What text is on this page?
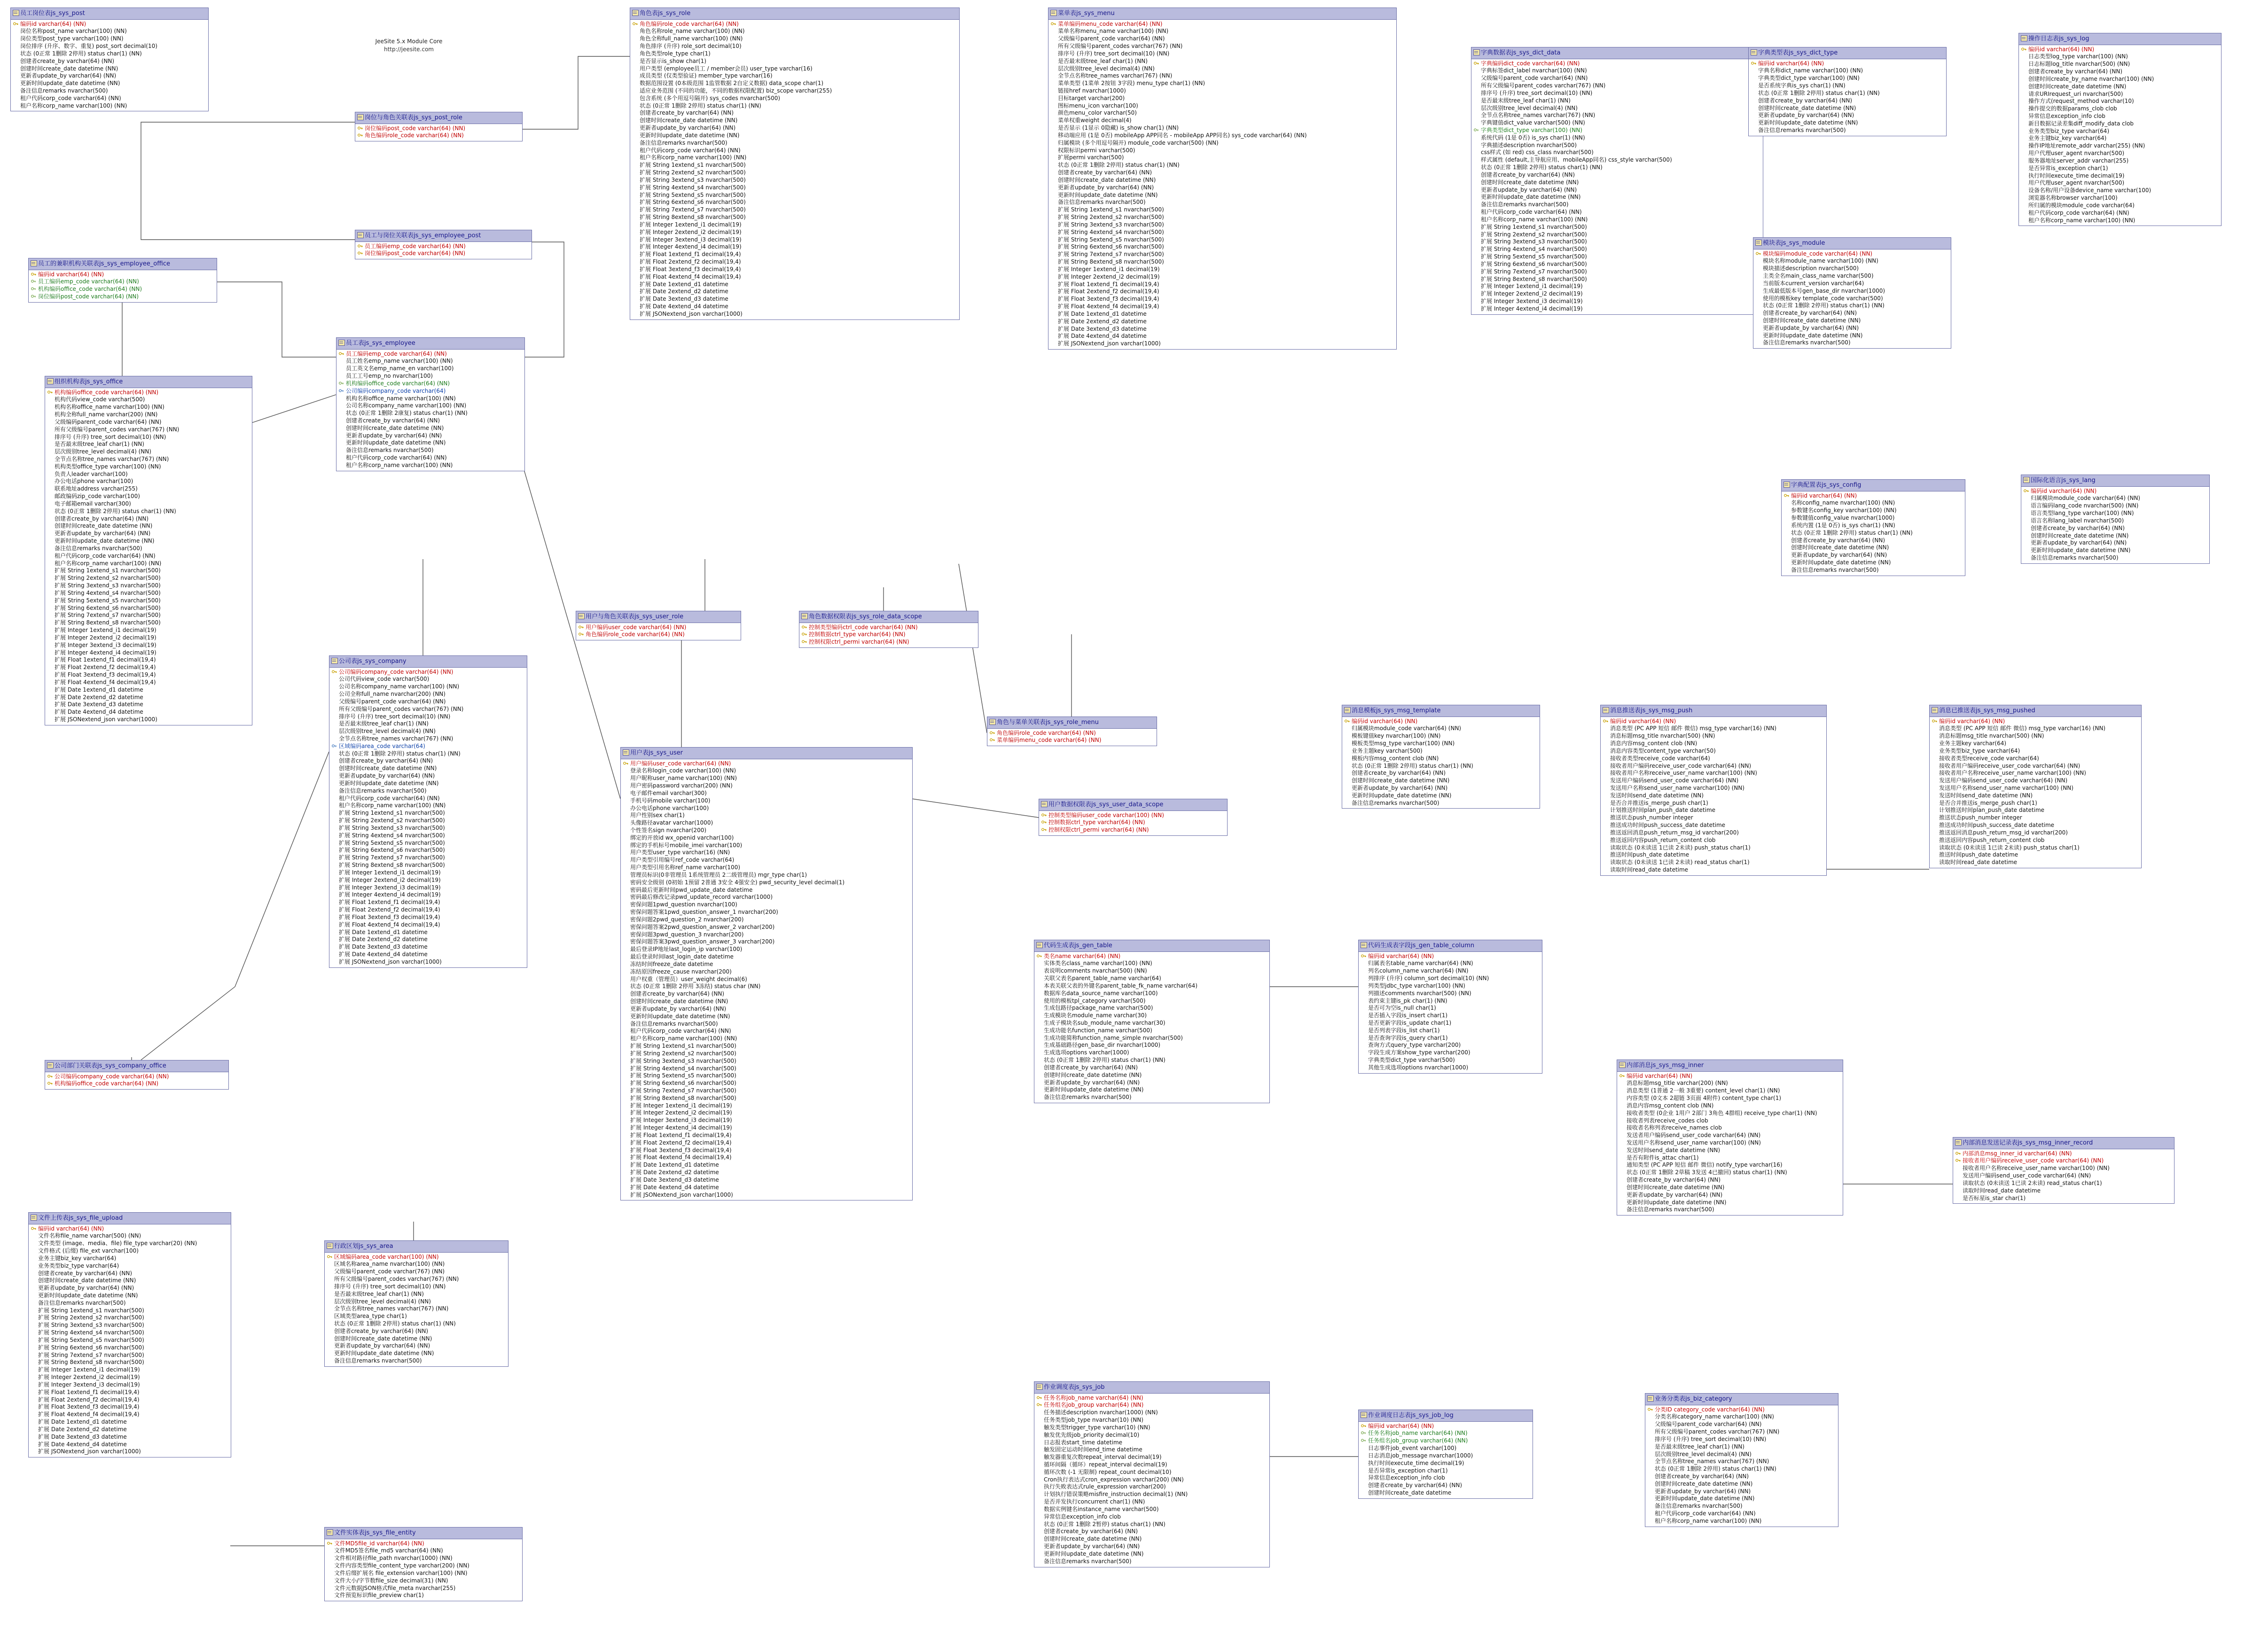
JeeSite 5.x Module Core
http://jeesite.com
员工岗位表js_sys_post
编码id varchar(64) (NN)
岗位名称post_name varchar(100) (NN)
岗位类型post_type varchar(100) (NN)
岗位排序 (升序、数字、重复) post_sort decimal(10)
状态 (0正常 1删除 2停用) status char(1) (NN)
创建者create_by varchar(64) (NN)
创建时间create_date datetime (NN)
更新者update_by varchar(64) (NN)
更新时间update_date datetime (NN)
备注信息remarks nvarchar(500)
租户代码corp_code varchar(64) (NN)
租户名称corp_name varchar(100) (NN)
岗位与角色关联表js_sys_post_role
岗位编码post_code varchar(64) (NN)
角色编码role_code varchar(64) (NN)
员工与岗位关联表js_sys_employee_post
员工编码emp_code varchar(64) (NN)
岗位编码post_code varchar(64) (NN)
员工的兼职机构关联表js_sys_employee_office
编码id varchar(64) (NN)
员工编码emp_code varchar(64) (NN)
机构编码office_code varchar(64) (NN)
岗位编码post_code varchar(64) (NN)
员工表js_sys_employee
员工编码emp_code varchar(64) (NN)
员工姓名emp_name varchar(100) (NN)
员工英文名emp_name_en varchar(100)
员工工号emp_no nvarchar(100)
机构编码office_code varchar(64) (NN)
公司编码company_code varchar(64)
机构名称office_name varchar(100) (NN)
公司名称company_name varchar(100) (NN)
状态 (0正常 1删除 2康复) status char(1) (NN)
创建者create_by varchar(64) (NN)
创建时间create_date datetime (NN)
更新者update_by varchar(64) (NN)
更新时间update_date datetime (NN)
备注信息remarks nvarchar(500)
租户代码corp_code varchar(64) (NN)
租户名称corp_name varchar(100) (NN)
组织机构表js_sys_office
机构编码office_code varchar(64) (NN)
机构代码view_code varchar(500)
机构名称office_name varchar(100) (NN)
机构全称full_name varchar(200) (NN)
父级编码parent_code varchar(64) (NN)
所有父级编号parent_codes varchar(767) (NN)
排序号 (升序) tree_sort decimal(10) (NN)
是否最末级tree_leaf char(1) (NN)
层次级别tree_level decimal(4) (NN)
全节点名称tree_names varchar(767) (NN)
机构类型office_type varchar(100) (NN)
负责人leader varchar(100)
办公电话phone varchar(100)
联系地址address varchar(255)
邮政编码zip_code varchar(100)
电子邮箱email varchar(300)
状态 (0正常 1删除 2停用) status char(1) (NN)
创建者create_by varchar(64) (NN)
创建时间create_date datetime (NN)
更新者update_by varchar(64) (NN)
更新时间update_date datetime (NN)
备注信息remarks nvarchar(500)
租户代码corp_code varchar(64) (NN)
租户名称corp_name varchar(100) (NN)
扩展 String 1extend_s1 nvarchar(500)
扩展 String 2extend_s2 nvarchar(500)
扩展 String 3extend_s3 nvarchar(500)
扩展 String 4extend_s4 nvarchar(500)
扩展 String 5extend_s5 nvarchar(500)
扩展 String 6extend_s6 nvarchar(500)
扩展 String 7extend_s7 nvarchar(500)
扩展 String 8extend_s8 nvarchar(500)
扩展 Integer 1extend_i1 decimal(19)
扩展 Integer 2extend_i2 decimal(19)
扩展 Integer 3extend_i3 decimal(19)
扩展 Integer 4extend_i4 decimal(19)
扩展 Float 1extend_f1 decimal(19,4)
扩展 Float 2extend_f2 decimal(19,4)
扩展 Float 3extend_f3 decimal(19,4)
扩展 Float 4extend_f4 decimal(19,4)
扩展 Date 1extend_d1 datetime
扩展 Date 2extend_d2 datetime
扩展 Date 3extend_d3 datetime
扩展 Date 4extend_d4 datetime
扩展 JSONextend_json varchar(1000)
公司部门关联表js_sys_company_office
公司编码company_code varchar(64) (NN)
机构编码office_code varchar(64) (NN)
公司表js_sys_company
公司编码company_code varchar(64) (NN)
公司代码view_code varchar(500)
公司名称company_name varchar(100) (NN)
公司全称full_name nvarchar(200) (NN)
父级编号parent_code varchar(64) (NN)
所有父级编号parent_codes varchar(767) (NN)
排序号 (升序) tree_sort decimal(10) (NN)
是否最末级tree_leaf char(1) (NN)
层次级别tree_level decimal(4) (NN)
全节点名称tree_names varchar(767) (NN)
区域编码area_code varchar(64)
状态 (0正常 1删除 2停用) status char(1) (NN)
创建者create_by varchar(64) (NN)
创建时间create_date datetime (NN)
更新者update_by varchar(64) (NN)
更新时间update_date datetime (NN)
备注信息remarks nvarchar(500)
租户代码corp_code varchar(64) (NN)
租户名称corp_name varchar(100) (NN)
扩展 String 1extend_s1 nvarchar(500)
扩展 String 2extend_s2 nvarchar(500)
扩展 String 3extend_s3 nvarchar(500)
扩展 String 4extend_s4 nvarchar(500)
扩展 String 5extend_s5 nvarchar(500)
扩展 String 6extend_s6 nvarchar(500)
扩展 String 7extend_s7 nvarchar(500)
扩展 String 8extend_s8 nvarchar(500)
扩展 Integer 1extend_i1 decimal(19)
扩展 Integer 2extend_i2 decimal(19)
扩展 Integer 3extend_i3 decimal(19)
扩展 Integer 4extend_i4 decimal(19)
扩展 Float 1extend_f1 decimal(19,4)
扩展 Float 2extend_f2 decimal(19,4)
扩展 Float 3extend_f3 decimal(19,4)
扩展 Float 4extend_f4 decimal(19,4)
扩展 Date 1extend_d1 datetime
扩展 Date 2extend_d2 datetime
扩展 Date 3extend_d3 datetime
扩展 Date 4extend_d4 datetime
扩展 JSONextend_json varchar(1000)
行政区划js_sys_area
区域编码area_code varchar(100) (NN)
区域名称area_name nvarchar(100) (NN)
父级编号parent_code varchar(767) (NN)
所有父级编号parent_codes varchar(767) (NN)
排序号 (升序) tree_sort decimal(10) (NN)
是否最末级tree_leaf char(1) (NN)
层次级别tree_level decimal(4) (NN)
全节点名称tree_names varchar(767) (NN)
区域类型area_type char(1)
状态 (0正常 1删除 2停用) status char(1) (NN)
创建者create_by varchar(64) (NN)
创建时间create_date datetime (NN)
更新者update_by varchar(64) (NN)
更新时间update_date datetime (NN)
备注信息remarks nvarchar(500)
文件上传表js_sys_file_upload
编码id varchar(64) (NN)
文件名称file_name varchar(500) (NN)
文件类型 (image、media、file) file_type varchar(20) (NN)
文件格式 (后缀) file_ext varchar(100)
业务主键biz_key varchar(64)
业务类型biz_type varchar(64)
创建者create_by varchar(64) (NN)
创建时间create_date datetime (NN)
更新者update_by varchar(64) (NN)
更新时间update_date datetime (NN)
备注信息remarks nvarchar(500)
扩展 String 1extend_s1 nvarchar(500)
扩展 String 2extend_s2 nvarchar(500)
扩展 String 3extend_s3 nvarchar(500)
扩展 String 4extend_s4 nvarchar(500)
扩展 String 5extend_s5 nvarchar(500)
扩展 String 6extend_s6 nvarchar(500)
扩展 String 7extend_s7 nvarchar(500)
扩展 String 8extend_s8 nvarchar(500)
扩展 Integer 1extend_i1 decimal(19)
扩展 Integer 2extend_i2 decimal(19)
扩展 Integer 3extend_i3 decimal(19)
扩展 Float 1extend_f1 decimal(19,4)
扩展 Float 2extend_f2 decimal(19,4)
扩展 Float 3extend_f3 decimal(19,4)
扩展 Float 4extend_f4 decimal(19,4)
扩展 Date 1extend_d1 datetime
扩展 Date 2extend_d2 datetime
扩展 Date 3extend_d3 datetime
扩展 Date 4extend_d4 datetime
扩展 JSONextend_json varchar(1000)
文件实体表js_sys_file_entity
文件MD5file_id varchar(64) (NN)
文件MD5签名file_md5 varchar(64) (NN)
文件相对路径file_path nvarchar(1000) (NN)
文件内容类型file_content_type varchar(200) (NN)
文件后缀扩展名 file_extension varchar(100) (NN)
文件大小/字节数file_size decimal(31) (NN)
文件元数据JSON格式file_meta nvarchar(255)
文件预览标识file_preview char(1)
角色表js_sys_role
角色编码role_code varchar(64) (NN)
角色名称role_name varchar(100) (NN)
角色全称full_name varchar(100) (NN)
角色排序 (升序) role_sort decimal(10)
角色类型role_type char(1)
是否显示is_show char(1)
用户类型 (employee员工 / member会员) user_type varchar(16)
成员类型 (仅类型验证) member_type varchar(16)
数据范围设置 (0本级范围 1监管数据 2自定义数据) data_scope char(1)
适应业务范围 (不同的功能，不同的数据权限配置) biz_scope varchar(255)
包含系统 (多个用逗号隔开) sys_codes nvarchar(500)
状态 (0正常 1删除 2停用) status char(1) (NN)
创建者create_by varchar(64) (NN)
创建时间create_date datetime (NN)
更新者update_by varchar(64) (NN)
更新时间update_date datetime (NN)
备注信息remarks nvarchar(500)
租户代码corp_code varchar(64) (NN)
租户名称corp_name varchar(100) (NN)
扩展 String 1extend_s1 nvarchar(500)
扩展 String 2extend_s2 nvarchar(500)
扩展 String 3extend_s3 nvarchar(500)
扩展 String 4extend_s4 nvarchar(500)
扩展 String 5extend_s5 nvarchar(500)
扩展 String 6extend_s6 nvarchar(500)
扩展 String 7extend_s7 nvarchar(500)
扩展 String 8extend_s8 nvarchar(500)
扩展 Integer 1extend_i1 decimal(19)
扩展 Integer 2extend_i2 decimal(19)
扩展 Integer 3extend_i3 decimal(19)
扩展 Integer 4extend_i4 decimal(19)
扩展 Float 1extend_f1 decimal(19,4)
扩展 Float 2extend_f2 decimal(19,4)
扩展 Float 3extend_f3 decimal(19,4)
扩展 Float 4extend_f4 decimal(19,4)
扩展 Date 1extend_d1 datetime
扩展 Date 2extend_d2 datetime
扩展 Date 3extend_d3 datetime
扩展 Date 4extend_d4 datetime
扩展 JSONextend_json varchar(1000)
用户与角色关联表js_sys_user_role
用户编码user_code varchar(64) (NN)
角色编码role_code varchar(64) (NN)
角色数据权限表js_sys_role_data_scope
控制类型编码ctrl_code varchar(64) (NN)
控制数据ctrl_type varchar(64) (NN)
控制权限ctrl_permi varchar(64) (NN)
用户表js_sys_user
用户编码user_code varchar(64) (NN)
登录名称login_code varchar(100) (NN)
用户昵称user_name varchar(100) (NN)
用户密码password varchar(200) (NN)
电子邮件email varchar(300)
手机号码mobile varchar(100)
办公电话phone varchar(100)
用户性别sex char(1)
头像路径avatar varchar(1000)
个性签名sign nvarchar(200)
绑定的开放id wx_openid varchar(100)
绑定的手机标号mobile_imei varchar(100)
用户类型user_type varchar(16) (NN)
用户类型引用编号ref_code varchar(64)
用户类型引用名称ref_name varchar(100)
管理员标识(0非管理员 1系统管理员 2二级管理员) mgr_type char(1)
密码安全级别 (0初始 1预留 2普通 3安全 4强安全) pwd_security_level decimal(1)
密码最后更新时间pwd_update_date datetime
密码最后修改记录pwd_update_record varchar(1000)
密保问题1pwd_question nvarchar(100)
密保问题答案1pwd_question_answer_1 nvarchar(200)
密保问题2pwd_question_2 nvarchar(200)
密保问题答案2pwd_question_answer_2 varchar(200)
密保问题3pwd_question_3 nvarchar(200)
密保问题答案3pwd_question_answer_3 varchar(200)
最后登录IP地址last_login_ip varchar(100)
最后登录时间last_login_date datetime
冻结时间freeze_date datetime
冻结原因freeze_cause nvarchar(200)
用户权重（管理员）user_weight decimal(6)
状态 (0正常 1删除 2停用 3冻结) status char (NN)
创建者create_by varchar(64) (NN)
创建时间create_date datetime (NN)
更新者update_by varchar(64) (NN)
更新时间update_date datetime (NN)
备注信息remarks nvarchar(500)
租户代码corp_code varchar(64) (NN)
租户名称corp_name varchar(100) (NN)
扩展 String 1extend_s1 nvarchar(500)
扩展 String 2extend_s2 nvarchar(500)
扩展 String 3extend_s3 nvarchar(500)
扩展 String 4extend_s4 nvarchar(500)
扩展 String 5extend_s5 nvarchar(500)
扩展 String 6extend_s6 nvarchar(500)
扩展 String 7extend_s7 nvarchar(500)
扩展 String 8extend_s8 nvarchar(500)
扩展 Integer 1extend_i1 decimal(19)
扩展 Integer 2extend_i2 decimal(19)
扩展 Integer 3extend_i3 decimal(19)
扩展 Integer 4extend_i4 decimal(19)
扩展 Float 1extend_f1 decimal(19,4)
扩展 Float 2extend_f2 decimal(19,4)
扩展 Float 3extend_f3 decimal(19,4)
扩展 Float 4extend_f4 decimal(19,4)
扩展 Date 1extend_d1 datetime
扩展 Date 2extend_d2 datetime
扩展 Date 3extend_d3 datetime
扩展 Date 4extend_d4 datetime
扩展 JSONextend_json varchar(1000)
用户数据权限表js_sys_user_data_scope
控制类型编码user_code varchar(100) (NN)
控制数据ctrl_type varchar(64) (NN)
控制权限ctrl_permi varchar(64) (NN)
角色与菜单关联表js_sys_role_menu
角色编码role_code varchar(64) (NN)
菜单编码menu_code varchar(64) (NN)
菜单表js_sys_menu
菜单编码menu_code varchar(64) (NN)
菜单名称menu_name varchar(100) (NN)
父级编号parent_code varchar(64) (NN)
所有父级编号parent_codes varchar(767) (NN)
排序号 (升序) tree_sort decimal(10) (NN)
是否最末级tree_leaf char(1) (NN)
层次级别tree_level decimal(4) (NN)
全节点名称tree_names varchar(767) (NN)
菜单类型 (1菜单 2按钮 3字段) menu_type char(1) (NN)
链接href nvarchar(1000)
目标target varchar(200)
图标menu_icon varchar(100)
颜色menu_color varchar(50)
菜单权重weight decimal(4)
是否显示 (1显示 0隐藏) is_show char(1) (NN)
移动端应用 (1是 0否) mobileApp APP同名 - mobileApp APP同名) sys_code varchar(64) (NN)
归属模块 (多个用逗号隔开) module_code varchar(500) (NN)
权限标识permi varchar(500)
扩展permi varchar(500)
状态 (0正常 1删除 2停用) status char(1) (NN)
创建者create_by varchar(64) (NN)
创建时间create_date datetime (NN)
更新者update_by varchar(64) (NN)
更新时间update_date datetime (NN)
备注信息remarks nvarchar(500)
扩展 String 1extend_s1 nvarchar(500)
扩展 String 2extend_s2 nvarchar(500)
扩展 String 3extend_s3 nvarchar(500)
扩展 String 4extend_s4 nvarchar(500)
扩展 String 5extend_s5 nvarchar(500)
扩展 String 6extend_s6 nvarchar(500)
扩展 String 7extend_s7 nvarchar(500)
扩展 String 8extend_s8 nvarchar(500)
扩展 Integer 1extend_i1 decimal(19)
扩展 Integer 2extend_i2 decimal(19)
扩展 Float 1extend_f1 decimal(19,4)
扩展 Float 2extend_f2 decimal(19,4)
扩展 Float 3extend_f3 decimal(19,4)
扩展 Float 4extend_f4 decimal(19,4)
扩展 Date 1extend_d1 datetime
扩展 Date 2extend_d2 datetime
扩展 Date 3extend_d3 datetime
扩展 Date 4extend_d4 datetime
扩展 JSONextend_json varchar(1000)
字典数据表js_sys_dict_data
字典编码dict_code varchar(64) (NN)
字典标签dict_label nvarchar(100) (NN)
父级编号parent_code varchar(64) (NN)
所有父级编号parent_codes varchar(767) (NN)
排序号 (升序) tree_sort decimal(10) (NN)
是否最末级tree_leaf char(1) (NN)
层次级别tree_level decimal(4) (NN)
全节点名称tree_names varchar(767) (NN)
字典键值dict_value varchar(500) (NN)
字典类型dict_type varchar(100) (NN)
系统代码 (1是 0否) is_sys char(1) (NN)
字典描述description nvarchar(500)
css样式 (如 red) css_class nvarchar(500)
样式属性 (default,主导航应用、mobileApp同名) css_style varchar(500)
状态 (0正常 1删除 2停用) status char(1) (NN)
创建者create_by varchar(64) (NN)
创建时间create_date datetime (NN)
更新者update_by varchar(64) (NN)
更新时间update_date datetime (NN)
备注信息remarks nvarchar(500)
租户代码corp_code varchar(64) (NN)
租户名称corp_name varchar(100) (NN)
扩展 String 1extend_s1 nvarchar(500)
扩展 String 2extend_s2 nvarchar(500)
扩展 String 3extend_s3 nvarchar(500)
扩展 String 4extend_s4 nvarchar(500)
扩展 String 5extend_s5 nvarchar(500)
扩展 String 6extend_s6 nvarchar(500)
扩展 String 7extend_s7 nvarchar(500)
扩展 String 8extend_s8 nvarchar(500)
扩展 Integer 1extend_i1 decimal(19)
扩展 Integer 2extend_i2 decimal(19)
扩展 Integer 3extend_i3 decimal(19)
扩展 Integer 4extend_i4 decimal(19)
字典类型表js_sys_dict_type
编码id varchar(64) (NN)
字典名称dict_name varchar(100) (NN)
字典类型dict_type varchar(100) (NN)
是否系统字典is_sys char(1) (NN)
状态 (0正常 1删除 2停用) status char(1) (NN)
创建者create_by varchar(64) (NN)
创建时间create_date datetime (NN)
更新者update_by varchar(64) (NN)
更新时间update_date datetime (NN)
备注信息remarks nvarchar(500)
操作日志表js_sys_log
编码id varchar(64) (NN)
日志类型log_type varchar(100) (NN)
日志标题log_title nvarchar(500) (NN)
创建者create_by varchar(64) (NN)
创建时间create_by_name nvarchar(100) (NN)
创建时间create_date datetime (NN)
请求URIrequest_uri nvarchar(500)
操作方式(request_method varchar(10)
操作提交的数据params_clob clob
异常信息exception_info clob
新目数据记录差集diff_modify_data clob
业务类型biz_type varchar(64)
业务主键biz_key varchar(64)
操作IP地址remote_addr varchar(255) (NN)
用户代理user_agent nvarchar(500)
服务器地址server_addr varchar(255)
是否异常is_exception char(1)
执行时间execute_time decimal(19)
用户代理user_agent nvarchar(500)
设备名称/用户设备device_name varchar(100)
浏览器名称browser varchar(100)
所归属的模块module_code varchar(64)
租户代码corp_code varchar(64) (NN)
租户名称corp_name varchar(100) (NN)
模块表js_sys_module
模块编码module_code varchar(64) (NN)
模块名称module_name varchar(100) (NN)
模块描述description nvarchar(500)
主类全名main_class_name varchar(500)
当前版本current_version varchar(64)
生成最低版本号gen_base_dir nvarchar(1000)
使用的模板key template_code varchar(500)
状态 (0正常 1删除 2停用) status char(1) (NN)
创建者create_by varchar(64) (NN)
创建时间create_date datetime (NN)
更新者update_by varchar(64) (NN)
更新时间update_date datetime (NN)
备注信息remarks nvarchar(500)
字典配置表js_sys_config
编码id varchar(64) (NN)
名称config_name nvarchar(100) (NN)
参数键名config_key varchar(100) (NN)
参数键值config_value nvarchar(1000)
系统内置 (1是 0否) is_sys char(1) (NN)
状态 (0正常 1删除 2停用) status char(1) (NN)
创建者create_by varchar(64) (NN)
创建时间create_date datetime (NN)
更新者update_by varchar(64) (NN)
更新时间update_date datetime (NN)
备注信息remarks nvarchar(500)
国际化语言js_sys_lang
编码id varchar(64) (NN)
归属模块module_code varchar(64) (NN)
语言编码lang_code nvarchar(500) (NN)
语言类型lang_type varchar(100) (NN)
语言名称lang_label nvarchar(500)
创建者create_by varchar(64) (NN)
创建时间create_date datetime (NN)
更新者update_by varchar(64) (NN)
更新时间update_date datetime (NN)
备注信息remarks nvarchar(500)
消息模板js_sys_msg_template
编码id varchar(64) (NN)
归属模块module_code varchar(64) (NN)
模板键值key nvarchar(100) (NN)
模板类型msg_type varchar(100) (NN)
业务主题key varchar(500)
模板内容msg_content clob (NN)
状态 (0正常 1删除 2停用) status char(1) (NN)
创建者create_by varchar(64) (NN)
创建时间create_date datetime (NN)
更新者update_by varchar(64) (NN)
更新时间update_date datetime (NN)
备注信息remarks nvarchar(500)
消息推送表js_sys_msg_push
编码id varchar(64) (NN)
消息类型 (PC APP 短信 邮件 微信) msg_type varchar(16) (NN)
消息标题msg_title nvarchar(500) (NN)
消息内容msg_content clob (NN)
消息内容类型content_type varchar(50)
接收者类型receive_code varchar(64)
接收者用户编码receive_user_code varchar(64) (NN)
接收者用户名称receive_user_name varchar(100) (NN)
发送用户编码send_user_code varchar(64) (NN)
发送用户名称send_user_name varchar(100) (NN)
发送时间send_date datetime (NN)
是否合并推送is_merge_push char(1)
计划推送时间plan_push_date datetime
推送状态push_number integer
推送成功时间push_success_date datetime
推送返回消息push_return_msg_id varchar(200)
推送返回内容push_return_content clob
读取状态 (0未读送 1已读 2未读) push_status char(1)
推送时间push_date datetime
读取状态 (0未读送 1已读 2未读) read_status char(1)
读取时间read_date datetime
消息已推送表js_sys_msg_pushed
编码id varchar(64) (NN)
消息类型 (PC APP 短信 邮件 微信) msg_type varchar(16) (NN)
消息标题msg_title nvarchar(500) (NN)
业务主题key varchar(64)
业务类型biz_type varchar(64)
接收者类型receive_code varchar(64)
接收者用户编码receive_user_code varchar(64) (NN)
接收者用户名称receive_user_name varchar(100) (NN)
发送用户编码send_user_code varchar(64) (NN)
发送用户名称send_user_name varchar(100) (NN)
发送时间send_date datetime (NN)
是否合并推送is_merge_push char(1)
计划推送时间plan_push_date datetime
推送状态push_number integer
推送成功时间push_success_date datetime
推送返回消息push_return_msg_id varchar(200)
推送返回内容push_return_content clob
读取状态 (0未读送 1已读 2未读) push_status char(1)
推送时间push_date datetime
读取时间read_date datetime
内部消息js_sys_msg_inner
编码id varchar(64) (NN)
消息标题msg_title varchar(200) (NN)
消息类型 (1普通 2一般 3重要) content_level char(1) (NN)
内容类型 (0文本 2超链 3页面 4附件) content_type char(1)
消息内容msg_content clob (NN)
接收者类型 (0企业 1用户 2部门 3角色 4群组) receive_type char(1) (NN)
接收者列表receive_codes clob
接收者名称列表receive_names clob
发送者用户编码send_user_code varchar(64) (NN)
发送用户名称send_user_name varchar(100) (NN)
发送时间send_date datetime (NN)
是否有附件is_attac char(1)
通知类型 (PC APP 短信 邮件 微信) notify_type varchar(16)
状态 (0正常 1删除 2草稿 3发送 4已撤回) status char(1) (NN)
创建者create_by varchar(64) (NN)
创建时间create_date datetime (NN)
更新者update_by varchar(64) (NN)
更新时间update_date datetime (NN)
备注信息remarks nvarchar(500)
内部消息发送记录表js_sys_msg_inner_record
内部消息msg_inner_id varchar(64) (NN)
接收者用户编码receive_user_code varchar(64) (NN)
接收者用户名称receive_user_name varchar(100) (NN)
发送用户编码send_user_code varchar(64) (NN)
读取状态 (0未读送 1已读 2未读) read_status char(1)
读取时间read_date datetime
是否标星is_star char(1)
代码生成表js_gen_table
类名name varchar(64) (NN)
实体类名class_name varchar(100) (NN)
表说明comments nvarchar(500) (NN)
关联父表名parent_table_name varchar(64)
本表关联父表的外键名parent_table_fk_name varchar(64)
数据库名data_source_name varchar(100)
使用的模板tpl_category varchar(500)
生成包路径package_name varchar(500)
生成模块名module_name varchar(30)
生成子模块名sub_module_name varchar(30)
生成功能名function_name varchar(500)
生成功能简称function_name_simple nvarchar(500)
生成基础路径gen_base_dir nvarchar(1000)
生成选项options varchar(1000)
状态 (0正常 1删除 2停用) status char(1) (NN)
创建者create_by varchar(64) (NN)
创建时间create_date datetime (NN)
更新者update_by varchar(64) (NN)
更新时间update_date datetime (NN)
备注信息remarks nvarchar(500)
代码生成表字段js_gen_table_column
编码id varchar(64) (NN)
归属表名table_name varchar(64) (NN)
列名column_name varchar(64) (NN)
列排序 (升序) column_sort decimal(10) (NN)
列类型jdbc_type varchar(100) (NN)
列描述comments nvarchar(500) (NN)
表约束主键is_pk char(1) (NN)
是否可为空is_null char(1)
是否插入字段is_insert char(1)
是否更新字段is_update char(1)
是否列表字段is_list char(1)
是否查询字段is_query char(1)
查询方式query_type varchar(200)
字段生成方案show_type varchar(200)
字典类型dict_type varchar(500)
其他生成选项options nvarchar(1000)
作业调度表js_sys_job
任务名称job_name varchar(64) (NN)
任务组名job_group varchar(64) (NN)
任务描述description nvarchar(1000) (NN)
任务类型job_type nvarchar(10) (NN)
触发类型trigger_type varchar(10) (NN)
触发优先级job_priority decimal(10)
日志报表start_time datetime
触发固定运动时间end_time datetime
触发器重复次数repeat_interval decimal(19)
循环间隔（循环）repeat_interval decimal(19)
循环次数 (-1 无限制) repeat_count decimal(10)
Cron执行表达式cron_expression varchar(200) (NN)
执行失败表达式rule_expression varchar(200)
计划执行错误策略misfire_instruction decimal(1) (NN)
是否并发执行concurrent char(1) (NN)
数据实例键名instance_name varchar(500)
异常信息exception_info clob
状态 (0正常 1删除 2暂停) status char(1) (NN)
创建者create_by varchar(64) (NN)
创建时间create_date datetime (NN)
更新者update_by varchar(64) (NN)
更新时间update_date datetime (NN)
备注信息remarks nvarchar(500)
作业调度日志表js_sys_job_log
编码id varchar(64) (NN)
任务名称job_name varchar(64) (NN)
任务组名job_group varchar(64) (NN)
日志事件job_event varchar(100)
日志消息job_message nvarchar(1000)
执行时间execute_time decimal(19)
是否异常is_exception char(1)
异常信息exception_info clob
创建者create_by varchar(64) (NN)
创建时间create_date datetime
业务分类表js_biz_category
分类ID category_code varchar(64) (NN)
分类名称category_name varchar(100) (NN)
父级编号parent_code varchar(64) (NN)
所有父级编号parent_codes varchar(767) (NN)
排序号 (升序) tree_sort decimal(10) (NN)
是否最末级tree_leaf char(1) (NN)
层次级别tree_level decimal(4) (NN)
全节点名称tree_names varchar(767) (NN)
状态 (0正常 1删除 2停用) status char(1) (NN)
创建者create_by varchar(64) (NN)
创建时间create_date datetime (NN)
更新者update_by varchar(64) (NN)
更新时间update_date datetime (NN)
备注信息remarks nvarchar(500)
租户代码corp_code varchar(64) (NN)
租户名称corp_name varchar(100) (NN)
